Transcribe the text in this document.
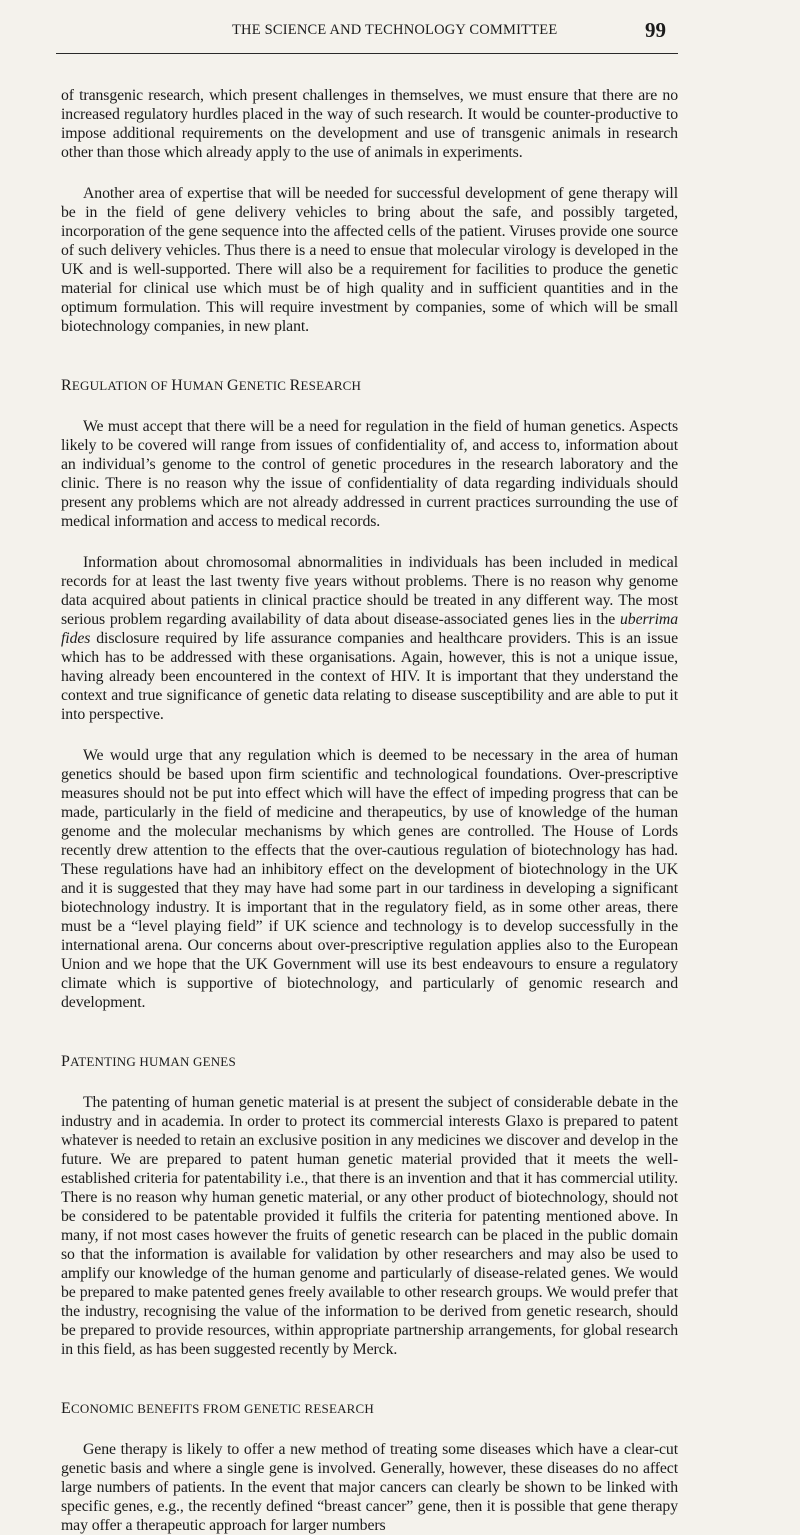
THE SCIENCE AND TECHNOLOGY COMMITTEE	99

of transgenic research, which present challenges in themselves, we must ensure that there are no increased regulatory hurdles placed in the way of such research. It would be counter-productive to impose additional requirements on the development and use of transgenic animals in research other than those which already apply to the use of animals in experiments.

Another area of expertise that will be needed for successful development of gene therapy will be in the field of gene delivery vehicles to bring about the safe, and possibly targeted, incorporation of the gene sequence into the affected cells of the patient. Viruses provide one source of such delivery vehicles. Thus there is a need to ensue that molecular virology is developed in the UK and is well-supported. There will also be a requirement for facilities to produce the genetic material for clinical use which must be of high quality and in sufficient quantities and in the optimum formulation. This will require investment by companies, some of which will be small biotechnology companies, in new plant.

REGULATION OF HUMAN GENETIC RESEARCH

We must accept that there will be a need for regulation in the field of human genetics. Aspects likely to be covered will range from issues of confidentiality of, and access to, information about an individual’s genome to the control of genetic procedures in the research laboratory and the clinic. There is no reason why the issue of confidentiality of data regarding individuals should present any problems which are not already addressed in current practices surrounding the use of medical information and access to medical records.

Information about chromosomal abnormalities in individuals has been included in medical records for at least the last twenty five years without problems. There is no reason why genome data acquired about patients in clinical practice should be treated in any different way. The most serious problem regarding availability of data about disease-associated genes lies in the uberrima fides disclosure required by life assurance companies and healthcare providers. This is an issue which has to be addressed with these organisations. Again, however, this is not a unique issue, having already been encountered in the context of HIV. It is important that they understand the context and true significance of genetic data relating to disease susceptibility and are able to put it into perspective.

We would urge that any regulation which is deemed to be necessary in the area of human genetics should be based upon firm scientific and technological foundations. Over-prescriptive measures should not be put into effect which will have the effect of impeding progress that can be made, particularly in the field of medicine and therapeutics, by use of knowledge of the human genome and the molecular mechanisms by which genes are controlled. The House of Lords recently drew attention to the effects that the over-cautious regulation of biotechnology has had. These regulations have had an inhibitory effect on the development of biotechnology in the UK and it is suggested that they may have had some part in our tardiness in developing a significant biotechnology industry. It is important that in the regulatory field, as in some other areas, there must be a “level playing field” if UK science and technology is to develop successfully in the international arena. Our concerns about over-prescriptive regulation applies also to the European Union and we hope that the UK Government will use its best endeavours to ensure a regulatory climate which is supportive of biotechnology, and particularly of genomic research and development.

PATENTING HUMAN GENES

The patenting of human genetic material is at present the subject of considerable debate in the industry and in academia. In order to protect its commercial interests Glaxo is prepared to patent whatever is needed to retain an exclusive position in any medicines we discover and develop in the future. We are prepared to patent human genetic material provided that it meets the well-established criteria for patentability i.e., that there is an invention and that it has commercial utility. There is no reason why human genetic material, or any other product of biotechnology, should not be considered to be patentable provided it fulfils the criteria for patenting mentioned above. In many, if not most cases however the fruits of genetic research can be placed in the public domain so that the information is available for validation by other researchers and may also be used to amplify our knowledge of the human genome and particularly of disease-related genes. We would be prepared to make patented genes freely available to other research groups. We would prefer that the industry, recognising the value of the information to be derived from genetic research, should be prepared to provide resources, within appropriate partnership arrangements, for global research in this field, as has been suggested recently by Merck.

ECONOMIC BENEFITS FROM GENETIC RESEARCH

Gene therapy is likely to offer a new method of treating some diseases which have a clear-cut genetic basis and where a single gene is involved. Generally, however, these diseases do no affect large numbers of patients. In the event that major cancers can clearly be shown to be linked with specific genes, e.g., the recently defined “breast cancer” gene, then it is possible that gene therapy may offer a therapeutic approach for larger numbers
